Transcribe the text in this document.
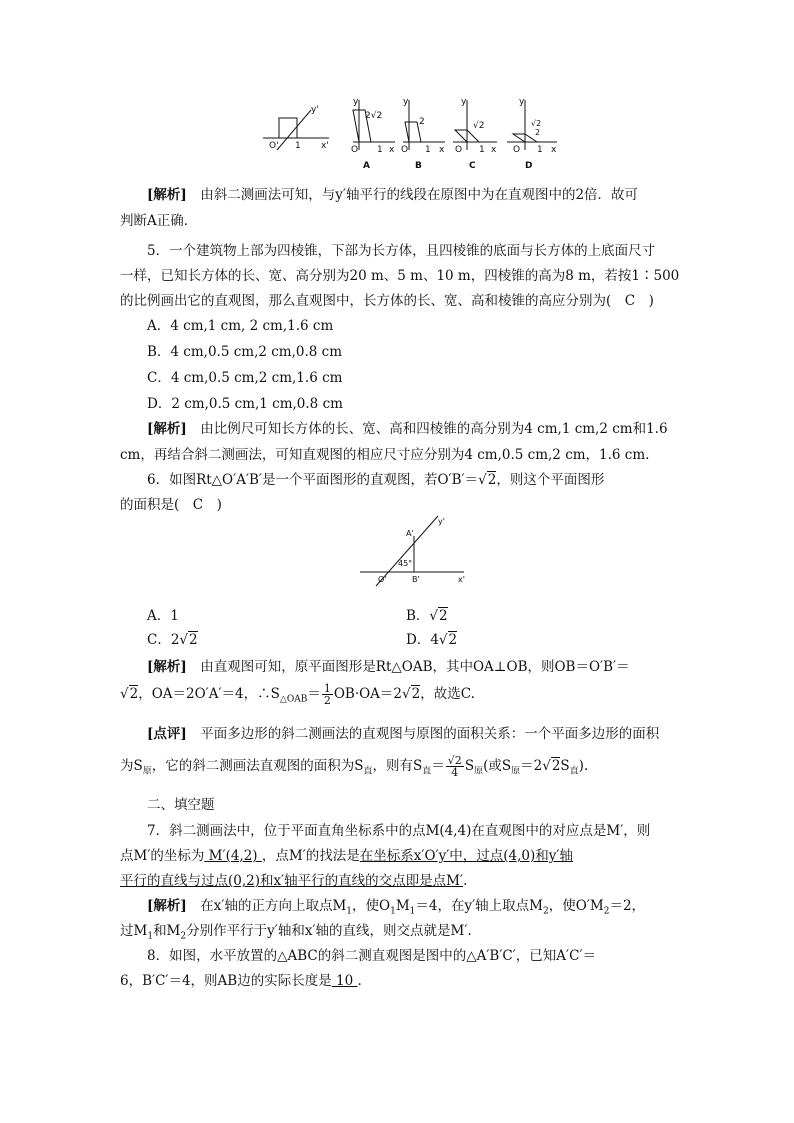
y'
O' 1 x'
y
2√2
O 1 x
A
y
2
O 1 x
B
y
√2
O 1 x
C
y
√2
2
O 1 x
D
[解析]　 由斜二测画法可知，与y′轴平行的线段在原图中为在直观图中的2倍．故可
判断A正确．
5．一个建筑物上部为四棱锥，下部为长方体，且四棱锥的底面与长方体的上底面尺寸
一样，已知长方体的长、宽、高分别为20 m、5 m、10 m，四棱锥的高为8 m，若按1∶500
的比例画出它的直观图，那么直观图中，长方体的长、宽、高和棱锥的高应分别为(　C　)
A．4 cm,1 cm, 2 cm,1.6 cm
B．4 cm,0.5 cm,2 cm,0.8 cm
C．4 cm,0.5 cm,2 cm,1.6 cm
D．2 cm,0.5 cm,1 cm,0.8 cm
[解析]　 由比例尺可知长方体的长、宽、高和四棱锥的高分别为4 cm,1 cm,2 cm和1.6
cm，再结合斜二测画法，可知直观图的相应尺寸应分别为4 cm,0.5 cm,2 cm，1.6 cm.
6．如图Rt△O′A′B′是一个平面图形的直观图，若O′B′＝√2，则这个平面图形
的面积是(　C　)
y'
A'
45°
O'	B'	x'
A．1	B．√2
C．2√2	D．4√2
[解析]　 由直观图可知，原平面图形是Rt△OAB，其中OA⊥OB，则OB＝O′B′＝
√2，OA＝2O′A′＝4，$\therefore S_{\triangle OAB}= \frac{1}{2} OB\cdot OA=2√2$，故选C.
[点评]　 平面多边形的斜二测画法的直观图与原图的面积关系：一个平面多边形的面积
为$S_原$，它的斜二测画法直观图的面积为$S_直$，则有$S_直= \frac{√2}{4} S_原$(或$S_原=2√2S_直$).
二、填空题
7．斜二测画法中，位于平面直角坐标系中的点M(4,4)在直观图中的对应点是M′，则
点M′的坐标为 M′(4,2) ，点M′的找法是在坐标系x′O′y′中，过点(4,0)和y′轴
平行的直线与过点(0,2)和x′轴平行的直线的交点即是点M′.
[解析]　 在x′轴的正方向上取点$M_1$，使$O_1M_1=4$，在y′轴上取点$M_2$，使$O'M_2=2$，
过$M_1$和$M_2$分别作平行于y′轴和x′轴的直线，则交点就是M′.
8．如图，水平放置的△ABC的斜二测直观图是图中的△A′B′C′，已知A′C′＝
6，B′C′＝4，则AB边的实际长度是 10 .
